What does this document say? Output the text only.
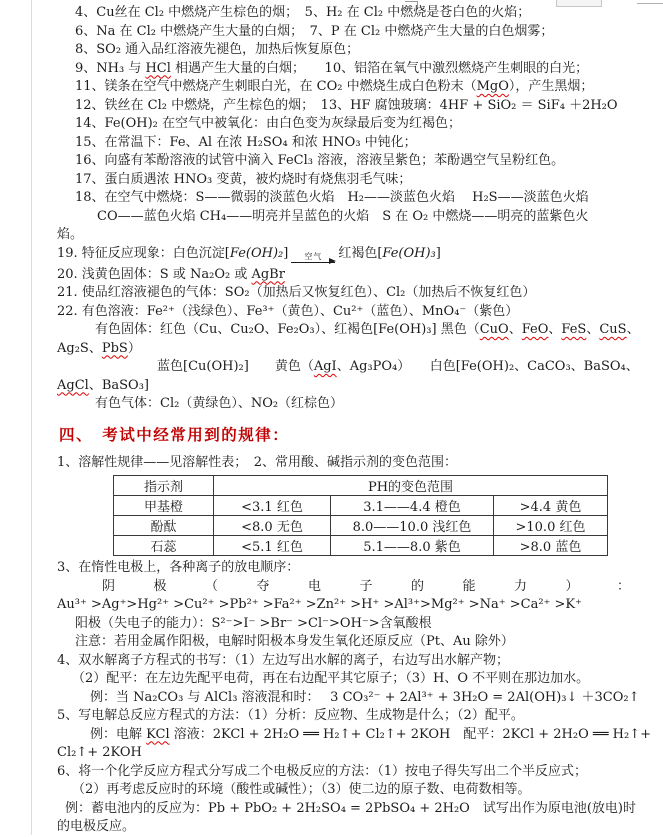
4、Cu丝在 Cl₂ 中燃烧产生棕色的烟；　5、H₂ 在 Cl₂ 中燃烧是苍白色的火焰；

6、Na 在 Cl₂ 中燃烧产生大量的白烟；　7、P 在 Cl₂ 中燃烧产生大量的白色烟雾；

8、SO₂ 通入品红溶液先褪色，加热后恢复原色；

9、NH₃ 与 HCl 相遇产生大量的白烟；　　10、铝箔在氧气中激烈燃烧产生刺眼的白光；

11、镁条在空气中燃烧产生刺眼白光，在 CO₂ 中燃烧生成白色粉末（MgO），产生黑烟；

12、铁丝在 Cl₂ 中燃烧，产生棕色的烟；　13、HF 腐蚀玻璃：4HF + SiO₂ ＝ SiF₄ ＋2H₂O

14、Fe(OH)₂ 在空气中被氧化：由白色变为灰绿最后变为红褐色；

15、在常温下：Fe、Al 在浓 H₂SO₄ 和浓 HNO₃ 中钝化；

16、向盛有苯酚溶液的试管中滴入 FeCl₃ 溶液，溶液呈紫色；苯酚遇空气呈粉红色。

17、蛋白质遇浓 HNO₃ 变黄，被灼烧时有烧焦羽毛气味；

18、在空气中燃烧：S——微弱的淡蓝色火焰　H₂——淡蓝色火焰　 H₂S——淡蓝色火焰

CO——蓝色火焰 CH₄——明亮并呈蓝色的火焰　S 在 O₂ 中燃烧——明亮的蓝紫色火

焰。

19. 特征反应现象：白色沉淀[Fe(OH)₂] 空气 红褐色[Fe(OH)₃]

20. 浅黄色固体：S 或 Na₂O₂ 或 AgBr

21. 使品红溶液褪色的气体：SO₂（加热后又恢复红色）、Cl₂（加热后不恢复红色）

22. 有色溶液：Fe²⁺（浅绿色）、Fe³⁺（黄色）、Cu²⁺（蓝色）、MnO₄⁻（紫色）

有色固体：红色（Cu、Cu₂O、Fe₂O₃）、红褐色[Fe(OH)₃] 黑色（CuO、FeO、FeS、CuS、

Ag₂S、PbS）

蓝色[Cu(OH)₂]　　黄色（AgI、Ag₃PO₄）　　白色[Fe(OH)₂、CaCO₃、BaSO₄、

AgCl、BaSO₃]

有色气体：Cl₂（黄绿色）、NO₂（红棕色）

四、　考试中经常用到的规律：

1、溶解性规律——见溶解性表；　2、常用酸、碱指示剂的变色范围：

指示剂	PH的变色范围		
甲基橙	<3.1 红色	3.1——4.4 橙色	>4.4 黄色
酚酞	<8.0 无色	8.0——10.0 浅红色	>10.0 红色
石蕊	<5.1 红色	5.1——8.0 紫色	>8.0 蓝色

3、在惰性电极上，各种离子的放电顺序：

阴 极 （ 夺 电 子 的 能 力 ） ：

Au³⁺ >Ag⁺>Hg²⁺ >Cu²⁺ >Pb²⁺ >Fa²⁺ >Zn²⁺ >H⁺ >Al³⁺>Mg²⁺ >Na⁺ >Ca²⁺ >K⁺

阳极（失电子的能力）：S²⁻>I⁻ >Br⁻ >Cl⁻>OH⁻>含氧酸根

注意：若用金属作阳极，电解时阳极本身发生氧化还原反应（Pt、Au 除外）

4、双水解离子方程式的书写：（1）左边写出水解的离子，右边写出水解产物；

（2）配平：在左边先配平电荷，再在右边配平其它原子；（3）H、O 不平则在那边加水。

例：当 Na₂CO₃ 与 AlCl₃ 溶液混和时：　 3 CO₃²⁻ + 2Al³⁺ + 3H₂O = 2Al(OH)₃↓ ＋3CO₂↑

5、写电解总反应方程式的方法：（1）分析：反应物、生成物是什么；（2）配平。

例：电解 KCl 溶液：2KCl + 2H₂O ══ H₂↑+ Cl₂↑+ 2KOH　配平：2KCl + 2H₂O ══ H₂↑+

Cl₂↑+ 2KOH

6、将一个化学反应方程式分写成二个电极反应的方法：（1）按电子得失写出二个半反应式；

（2）再考虑反应时的环境（酸性或碱性）；（3）使二边的原子数、电荷数相等。

例：蓄电池内的反应为：Pb + PbO₂ + 2H₂SO₄ = 2PbSO₄ + 2H₂O　试写出作为原电池(放电)时

的电极反应。
